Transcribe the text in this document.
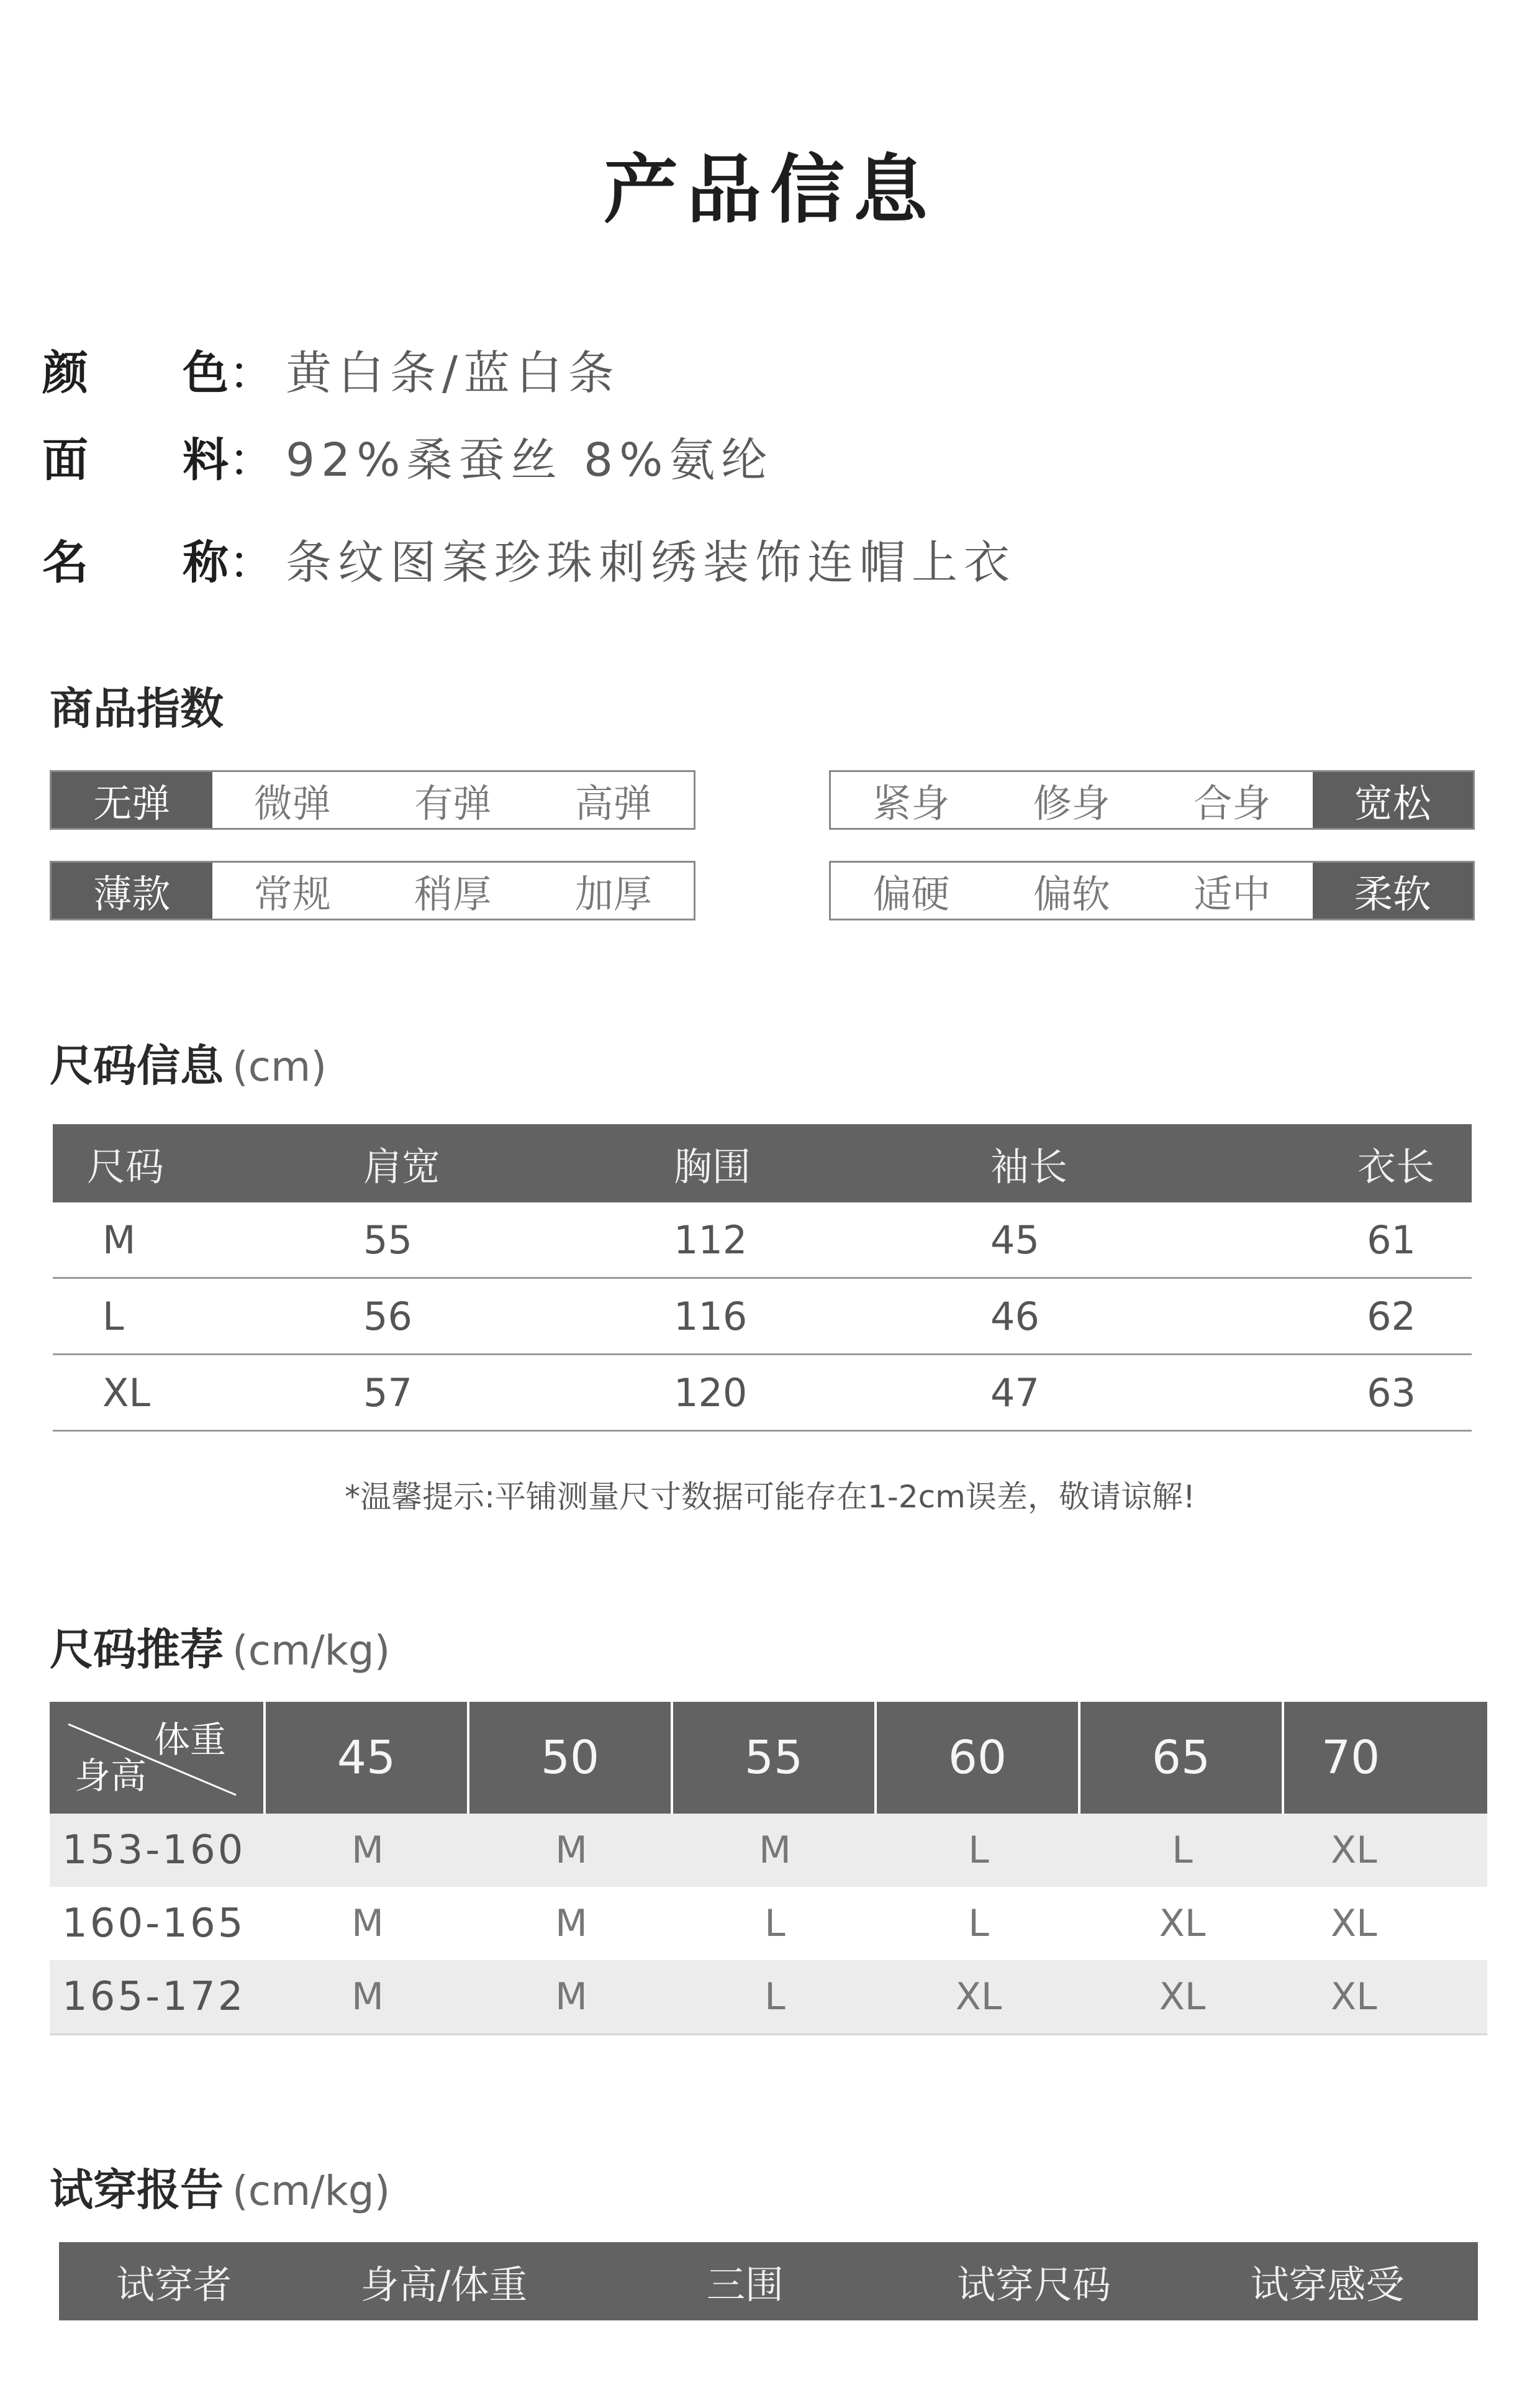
产品信息
颜 色 ： 黄白条/蓝白条
面 料 ： 92%桑蚕丝 8%氨纶
名 称 ： 条纹图案珍珠刺绣装饰连帽上衣
商品指数
无弹	微弹	有弹	高弹	紧身	修身	合身	宽松
薄款	常规	稍厚	加厚	偏硬	偏软	适中	柔软
尺码信息 (cm)
尺码	肩宽	胸围	袖长	衣长
M	55	112	45	61
L	56	116	46	62
XL	57	120	47	63
*温馨提示:平铺测量尺寸数据可能存在1-2cm误差，敬请谅解!
尺码推荐 (cm/kg)
体重
身高	45	50	55	60	65	70
153-160	M	M	M	L	L	XL
160-165	M	M	L	L	XL	XL
165-172	M	M	L	XL	XL	XL
试穿报告 (cm/kg)
试穿者	身高/体重	三围	试穿尺码	试穿感受
